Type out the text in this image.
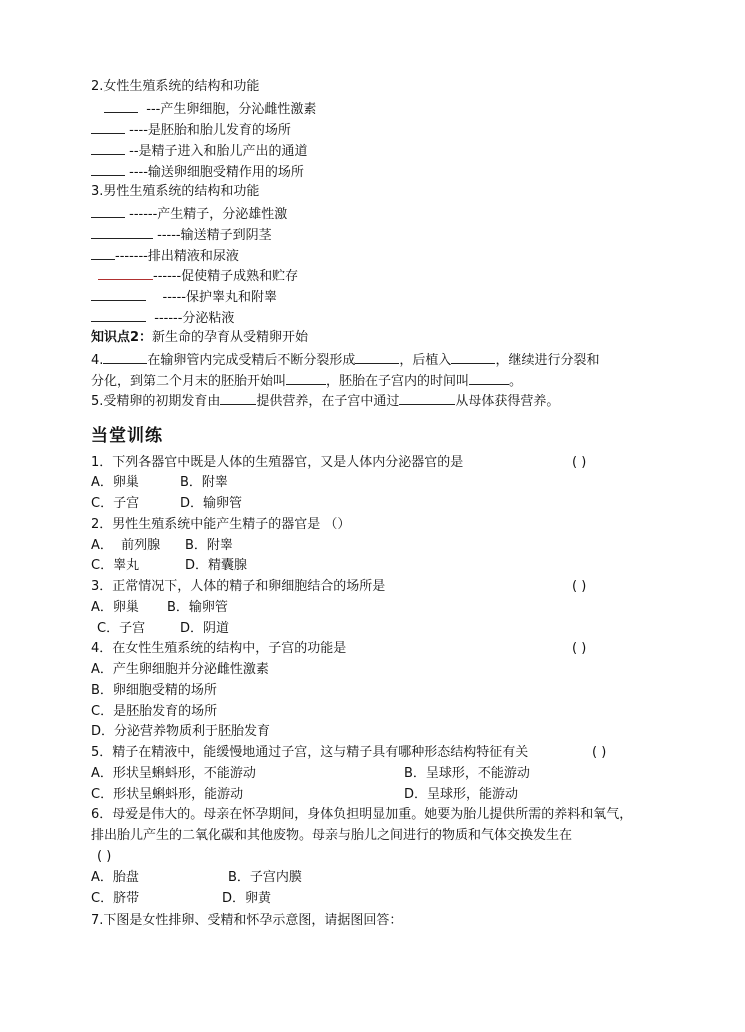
2.女性生殖系统的结构和功能
---产生卵细胞，分沁雌性激素
----是胚胎和胎儿发育的场所
--是精子进入和胎儿产出的通道
----输送卵细胞受精作用的场所
3.男性生殖系统的结构和功能
------产生精子，分泌雄性激
-----输送精子到阴茎
-------排出精液和尿液
------促使精子成熟和贮存
-----保护睾丸和附睾
------分泌粘液
知识点2：新生命的孕育从受精卵开始
4.	在输卵管内完成受精后不断分裂形成	，后植入	，继续进行分裂和
分化，到第二个月末的胚胎开始叫	，胚胎在子宫内的时间叫	。
5.受精卵的初期发育由	提供营养，在子宫中通过	从母体获得营养。
当堂训练
1．下列各器官中既是人体的生殖器官，又是人体内分泌器官的是	( )
A．卵巢	B．附睾
C．子宫	D．输卵管
2．男性生殖系统中能产生精子的器官是 （）
A．  前列腺 B．附睾
C．睾丸	D．精囊腺
3．正常情况下，人体的精子和卵细胞结合的场所是	( )
A．卵巢 B．输卵管
C．子宫	D．阴道
4．在女性生殖系统的结构中，子宫的功能是	( )
A．产生卵细胞并分泌雌性激素
B．卵细胞受精的场所
C．是胚胎发育的场所
D．分泌营养物质利于胚胎发育
5．精子在精液中，能缓慢地通过子宫，这与精子具有哪种形态结构特征有关	( )
A．形状呈蝌蚪形，不能游动	B．呈球形，不能游动
C．形状呈蝌蚪形，能游动	D．呈球形，能游动
6．母爱是伟大的。母亲在怀孕期间，身体负担明显加重。她要为胎儿提供所需的养料和氧气，
排出胎儿产生的二氧化碳和其他废物。母亲与胎儿之间进行的物质和气体交换发生在
( )
A．胎盘	B．子宫内膜
C．脐带	D．卵黄
7.下图是女性排卵、受精和怀孕示意图，请据图回答：
